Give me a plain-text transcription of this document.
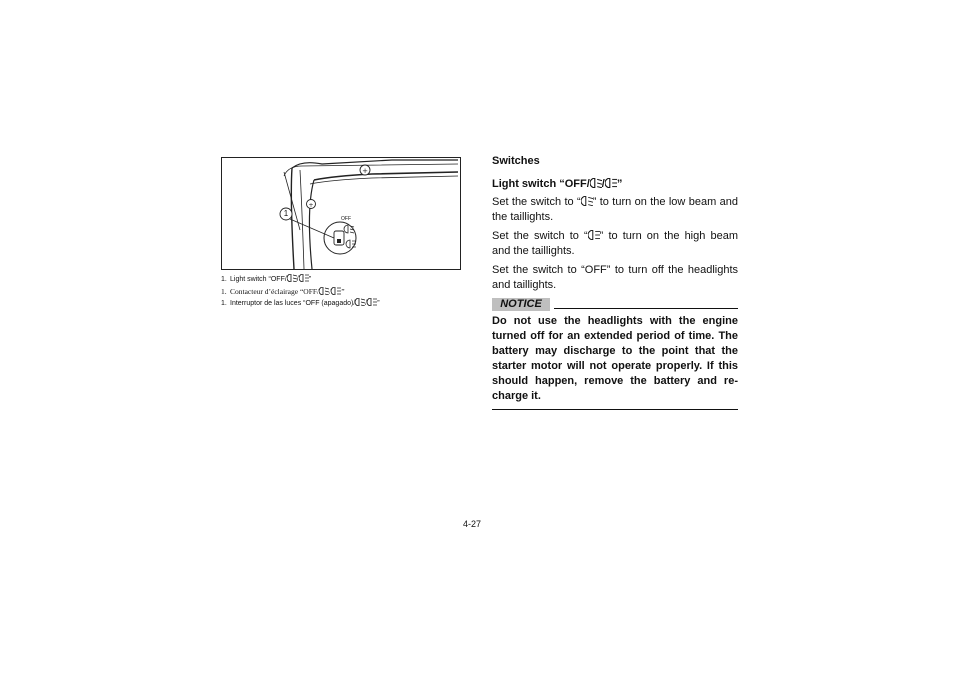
+
+
1
OFF
1. Light switch “OFF/ / ”
1. Contacteur d’éclairage “OFF/ / ”
1. Interruptor de las luces “OFF (apagado)/ / ”
Switches
Light switch “OFF/ / ”
Set the switch to “ ” to turn on the low beam and the taillights.
Set the switch to “ ” to turn on the high beam and the taillights.
Set the switch to “OFF” to turn off the headlights and taillights.
NOTICE
Do not use the headlights with the engine turned off for an extended period of time. The battery may discharge to the point that the starter motor will not operate properly. If this should happen, remove the battery and re-charge it.
4-27
